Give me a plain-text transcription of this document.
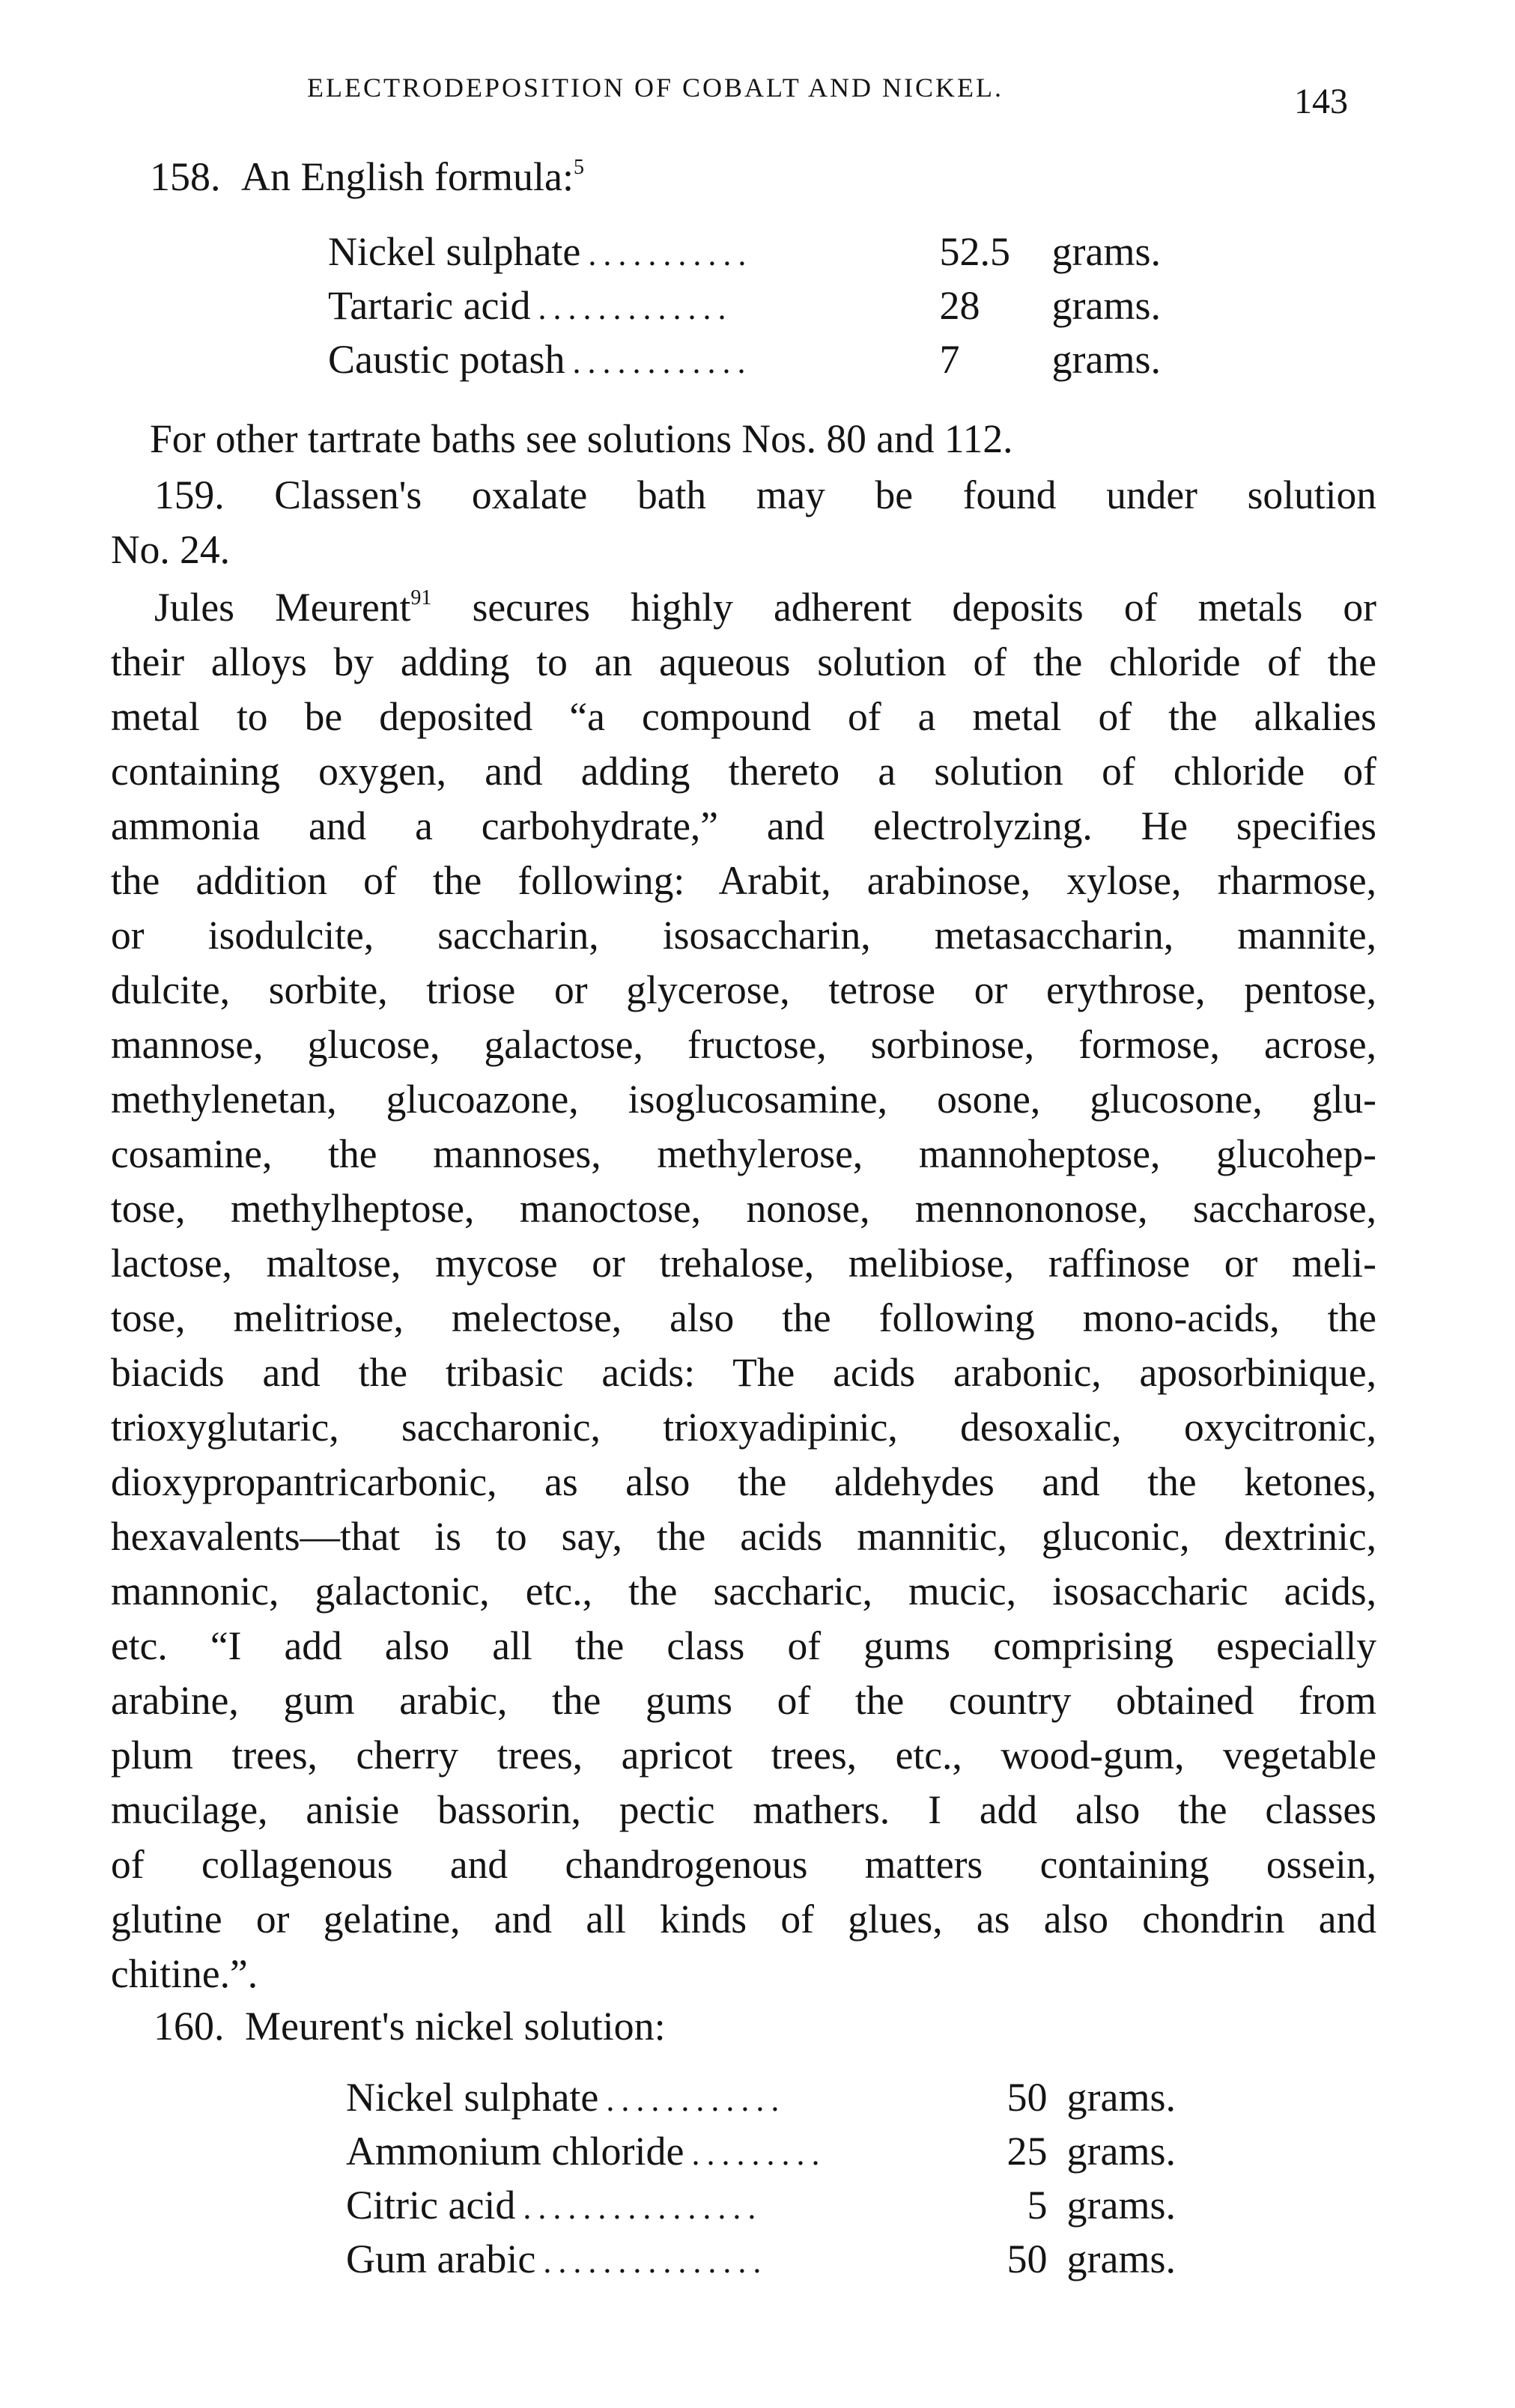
ELECTRODEPOSITION OF COBALT AND NICKEL.	143
158. An English formula:$^5$
Nickel sulphate ...........	52.5	grams.
Tartaric acid .............	28	grams.
Caustic potash ............	7	grams.
For other tartrate baths see solutions Nos. 80 and 112.
159. Classen's oxalate bath may be found under solution
No. 24.
Jules Meurent$^{91}$ secures highly adherent deposits of metals or
their alloys by adding to an aqueous solution of the chloride of the
metal to be deposited “a compound of a metal of the alkalies
containing oxygen, and adding thereto a solution of chloride of
ammonia and a carbohydrate,” and electrolyzing. He specifies
the addition of the following: Arabit, arabinose, xylose, rharmose,
or isodulcite, saccharin, isosaccharin, metasaccharin, mannite,
dulcite, sorbite, triose or glycerose, tetrose or erythrose, pentose,
mannose, glucose, galactose, fructose, sorbinose, formose, acrose,
methylenetan, glucoazone, isoglucosamine, osone, glucosone, glu-
cosamine, the mannoses, methylerose, mannoheptose, glucohep-
tose, methylheptose, manoctose, nonose, mennononose, saccharose,
lactose, maltose, mycose or trehalose, melibiose, raffinose or meli-
tose, melitriose, melectose, also the following mono-acids, the
biacids and the tribasic acids: The acids arabonic, aposorbinique,
trioxyglutaric, saccharonic, trioxyadipinic, desoxalic, oxycitronic,
dioxypropantricarbonic, as also the aldehydes and the ketones,
hexavalents—that is to say, the acids mannitic, gluconic, dextrinic,
mannonic, galactonic, etc., the saccharic, mucic, isosaccharic acids,
etc. “I add also all the class of gums comprising especially
arabine, gum arabic, the gums of the country obtained from
plum trees, cherry trees, apricot trees, etc., wood-gum, vegetable
mucilage, anisie bassorin, pectic mathers. I add also the classes
of collagenous and chandrogenous matters containing ossein,
glutine or gelatine, and all kinds of glues, as also chondrin and
chitine.”.
160. Meurent's nickel solution:
Nickel sulphate ............	50 grams.
Ammonium chloride .........	25 grams.
Citric acid ................	5 grams.
Gum arabic ...............	50 grams.
